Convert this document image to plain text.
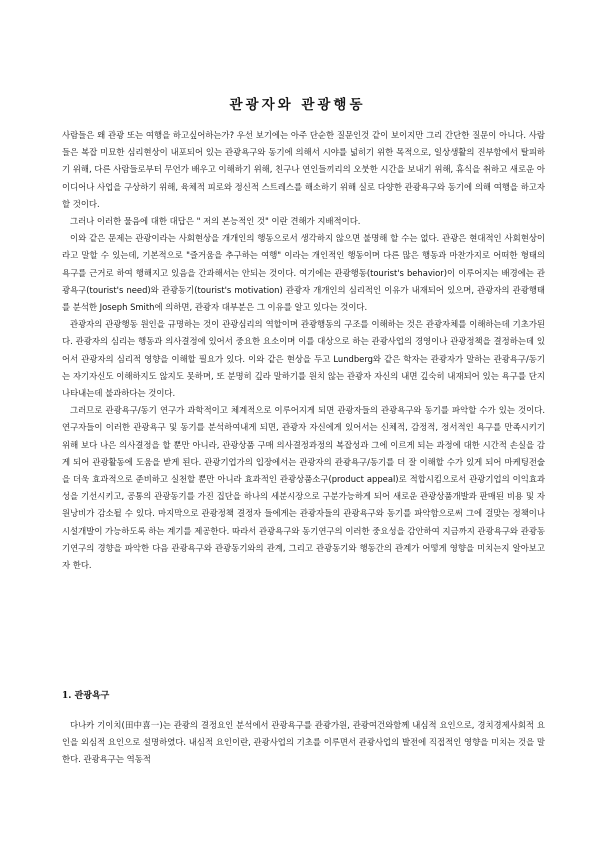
관광자와 관광행동

사람들은 왜 관광 또는 여행을 하고싶어하는가? 우선 보기에는 아주 단순한 질문인것 같이 보이지만 그리 간단한 질문이 아니다. 사람들은 복잡 미묘한 심리현상이 내포되어 있는 관광욕구와 동기에 의해서 시야를 넓히기 위한 목적으로, 일상생활의 진부함에서 탈피하기 위해, 다른 사람들로부터 무언가 배우고 이해하기 위해, 친구나 연인들끼리의 오붓한 시간을 보내기 위해, 휴식을 취하고 새로운 아이디어나 사업을 구상하기 위해, 육체적 피로와 정신적 스트레스를 해소하기 위해 실로 다양한 관광욕구와 동기에 의해 여행을 하고자 할 것이다.

그러나 이러한 물음에 대한 대답은 " 저의 본능적인 것" 이란 견해가 지배적이다.

이와 같은 문제는 관광이라는 사회현상을 개개인의 행동으로서 생각하지 않으면 불명해 할 수는 없다. 관광은 현대적인 사회현상이라고 말할 수 있는데, 기본적으로 "즐거움을 추구하는 여행" 이라는 개인적인 행동이며 다른 많은 행동과 마찬가지로 어떠한 형태의 욕구를 근거로 하여 행해지고 있음을 간과해서는 안되는 것이다. 여기에는 관광행동(tourist's behavior)이 이루어지는 배경에는 관광욕구(tourist's need)와 관광동기(tourist's motivation) 관광자 개개인의 심리적인 이유가 내재되어 있으며, 관광자의 관광행태를 분석한 Joseph Smith에 의하면, 관광자 대부분은 그 이유를 알고 있다는 것이다.

관광자의 관광행동 원인을 규명하는 것이 관광심리의 역할이며 관광행동의 구조를 이해하는 것은 관광자체를 이해하는데 기초가된다. 관광자의 심리는 행동과 의사결정에 있어서 중요한 요소이며 이를 대상으로 하는 관광사업의 경영이나 관광정책을 결정하는데 있어서 관광자의 심리적 영향을 이해할 필요가 있다. 이와 같은 현상을 두고 Lundberg와 같은 학자는 관광자가 말하는 관광욕구/동기는 자기자신도 이해하지도 않지도 못하며, 또 분명히 깊라 말하기를 원치 않는 관광자 자신의 내면 깊숙히 내재되어 있는 욕구를 단지 나타내는데 불과하다는 것이다.

그러므로 관광욕구/동기 연구가 과학적이고 체계적으로 이루어지게 되면 관광자들의 관광욕구와 동기를 파악할 수가 있는 것이다. 연구자들이 이러한 관광욕구 및 동기를 분석하여내게 되면, 관광자 자신에게 있어서는 신체적, 감정적, 정서적인 욕구를 만족시키기 위해 보다 나은 의사결정을 할 뿐만 아니라, 관광상품 구매 의사결정과정의 복잡성과 그에 이르게 되는 과정에 대한 시간적 손실을 감게 되어 관광활동에 도움을 받게 된다. 관광기업가의 입장에서는 관광자의 관광욕구/동기를 더 잘 이해할 수가 있게 되어 마케팅전술을 더욱 효과적으로 준비하고 실천할 뿐만 아니라 효과적인 관광상품소구(product appeal)로 적합시킴으로서 관광기업의 이익효과성을 기선시키고, 공통의 관광동기를 가진 집단을 하나의 세분시장으로 구분가능하게 되어 새로운 관광상품개발과 판매된 비용 및 자원낭비가 감소될 수 있다. 마지막으로 관광정책 결정자 들에게는 관광자들의 관광욕구와 동기를 파악함으로써 그에 걸맞는 정책이나 시설개발이 가능하도록 하는 계기를 제공한다. 따라서 관광욕구와 동기연구의 이러한 중요성을 감안하여 지금까지 관광욕구와 관광동기연구의 경향을 파악한 다음 관광욕구와 관광동기와의 관계, 그리고 관광동기와 행동간의 관계가 어떻게 영향을 미치는지 알아보고자 한다.

1. 관광욕구

다나카 기이치(田中喜一)는 관광의 결정요인 분석에서 관광욕구를 관광가원, 관광여건와함께 내심적 요인으로, 경치경제사회적 요인을 외심적 요인으로 설명하였다. 내심적 요인이란, 관광사업의 기초를 이루면서 관광사업의 발전에 직접적인 영향을 미치는 것을 말한다. 관광욕구는 역동적
